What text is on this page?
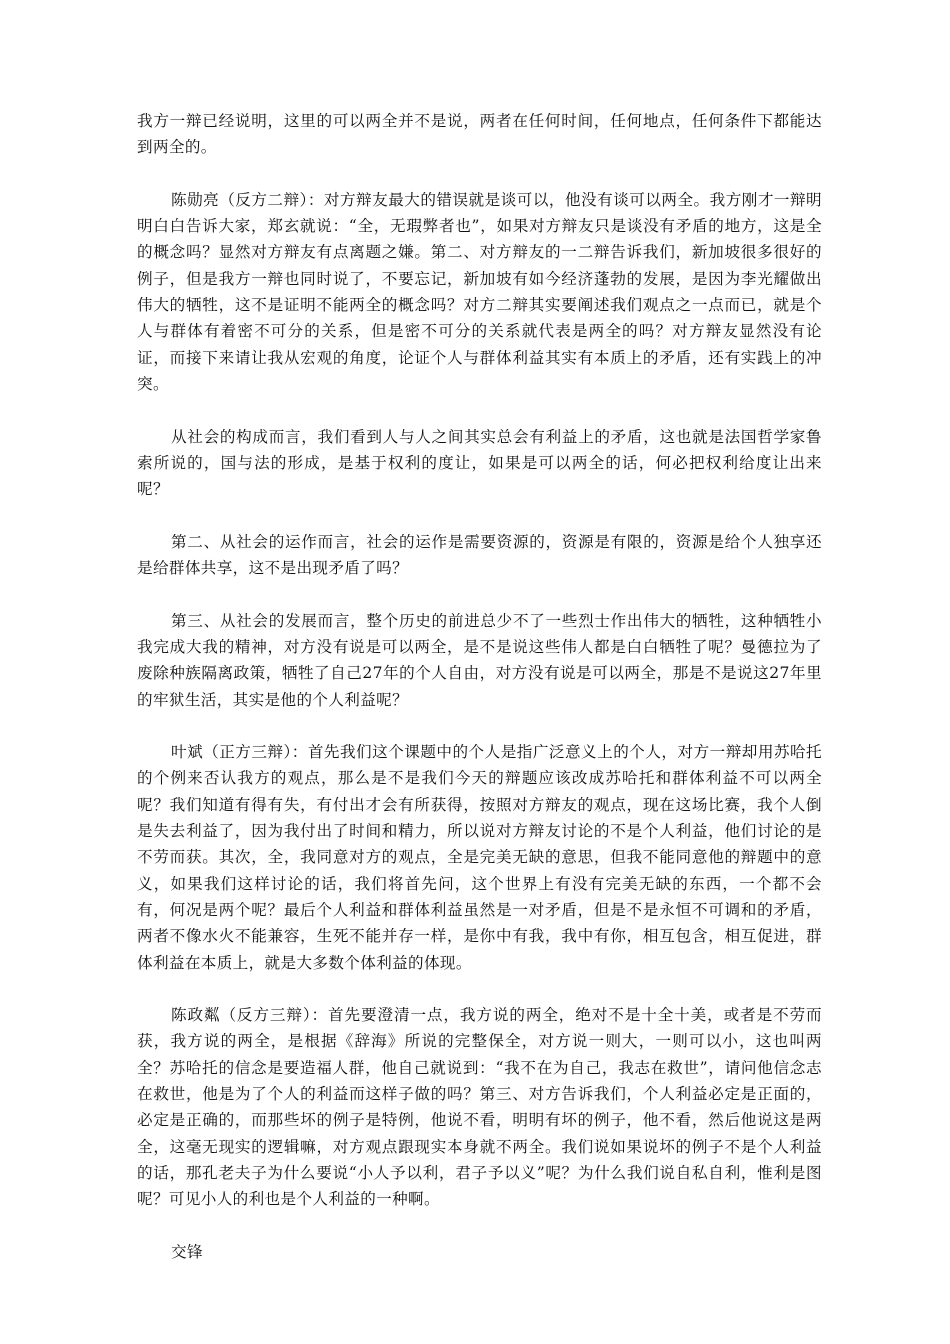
我方一辩已经说明，这里的可以两全并不是说，两者在任何时间，任何地点，任何条件下都能达到两全的。

陈勋亮（反方二辩）：对方辩友最大的错误就是谈可以，他没有谈可以两全。我方刚才一辩明明白白告诉大家，郑玄就说：“全，无瑕弊者也”，如果对方辩友只是谈没有矛盾的地方，这是全的概念吗？显然对方辩友有点离题之嫌。第二、对方辩友的一二辩告诉我们，新加坡很多很好的例子，但是我方一辩也同时说了，不要忘记，新加坡有如今经济蓬勃的发展，是因为李光耀做出伟大的牺牲，这不是证明不能两全的概念吗？对方二辩其实要阐述我们观点之一点而已，就是个人与群体有着密不可分的关系，但是密不可分的关系就代表是两全的吗？对方辩友显然没有论证，而接下来请让我从宏观的角度，论证个人与群体利益其实有本质上的矛盾，还有实践上的冲突。

从社会的构成而言，我们看到人与人之间其实总会有利益上的矛盾，这也就是法国哲学家鲁索所说的，国与法的形成，是基于权利的度让，如果是可以两全的话，何必把权利给度让出来呢？

第二、从社会的运作而言，社会的运作是需要资源的，资源是有限的，资源是给个人独享还是给群体共享，这不是出现矛盾了吗？

第三、从社会的发展而言，整个历史的前进总少不了一些烈士作出伟大的牺牲，这种牺牲小我完成大我的精神，对方没有说是可以两全，是不是说这些伟人都是白白牺牲了呢？曼德拉为了废除种族隔离政策，牺牲了自己27年的个人自由，对方没有说是可以两全，那是不是说这27年里的牢狱生活，其实是他的个人利益呢？

叶斌（正方三辩）：首先我们这个课题中的个人是指广泛意义上的个人，对方一辩却用苏哈托的个例来否认我方的观点，那么是不是我们今天的辩题应该改成苏哈托和群体利益不可以两全呢？我们知道有得有失，有付出才会有所获得，按照对方辩友的观点，现在这场比赛，我个人倒是失去利益了，因为我付出了时间和精力，所以说对方辩友讨论的不是个人利益，他们讨论的是不劳而获。其次，全，我同意对方的观点，全是完美无缺的意思，但我不能同意他的辩题中的意义，如果我们这样讨论的话，我们将首先问，这个世界上有没有完美无缺的东西，一个都不会有，何况是两个呢？最后个人利益和群体利益虽然是一对矛盾，但是不是永恒不可调和的矛盾，两者不像水火不能兼容，生死不能并存一样，是你中有我，我中有你，相互包含，相互促进，群体利益在本质上，就是大多数个体利益的体现。

陈政粼（反方三辩）：首先要澄清一点，我方说的两全，绝对不是十全十美，或者是不劳而获，我方说的两全，是根据《辞海》所说的完整保全，对方说一则大，一则可以小，这也叫两全？苏哈托的信念是要造福人群，他自己就说到：“我不在为自己，我志在救世”，请问他信念志在救世，他是为了个人的利益而这样子做的吗？第三、对方告诉我们，个人利益必定是正面的，必定是正确的，而那些坏的例子是特例，他说不看，明明有坏的例子，他不看，然后他说这是两全，这毫无现实的逻辑嘛，对方观点跟现实本身就不两全。我们说如果说坏的例子不是个人利益的话，那孔老夫子为什么要说“小人予以利，君子予以义”呢？为什么我们说自私自利，惟利是图呢？可见小人的利也是个人利益的一种啊。

交锋
